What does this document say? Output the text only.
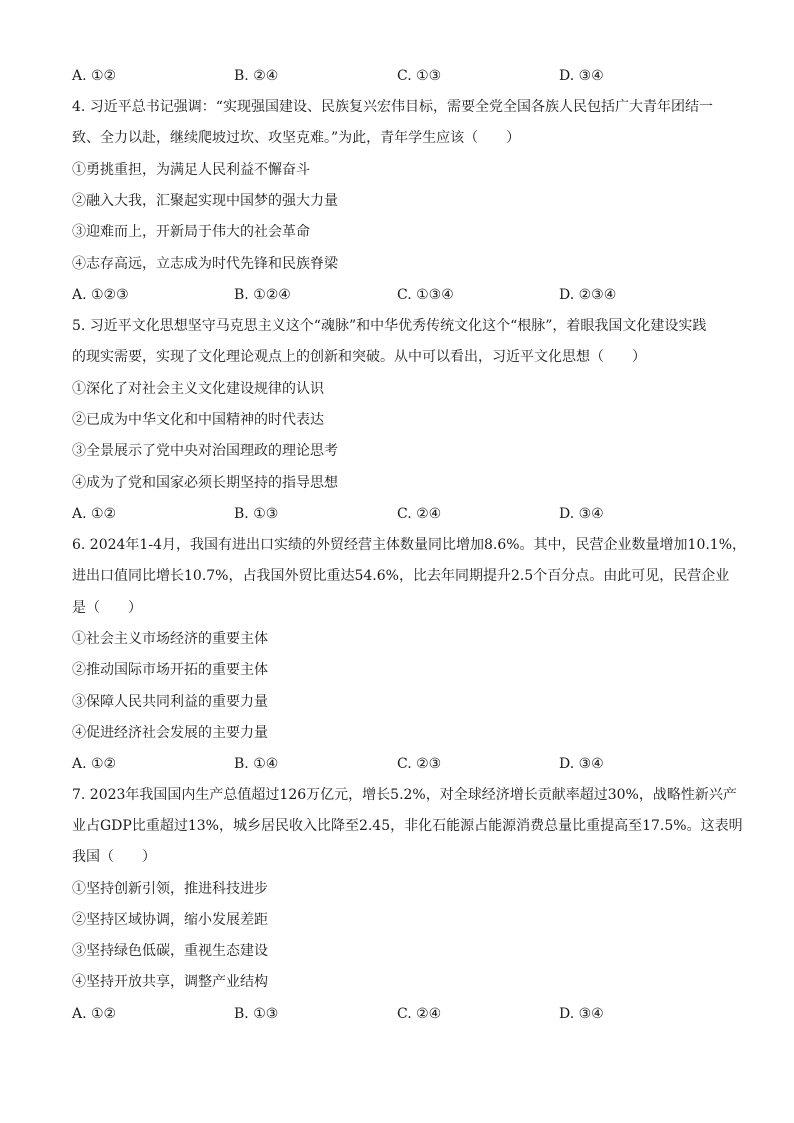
A. ①②	B. ②④	C. ①③	D. ③④
4. 习近平总书记强调：“实现强国建设、民族复兴宏伟目标，需要全党全国各族人民包括广大青年团结一
致、全力以赴，继续爬坡过坎、攻坚克难。”为此，青年学生应该（　　）
①勇挑重担，为满足人民利益不懈奋斗
②融入大我，汇聚起实现中国梦的强大力量
③迎难而上，开新局于伟大的社会革命
④志存高远，立志成为时代先锋和民族脊梁
A. ①②③	B. ①②④	C. ①③④	D. ②③④
5. 习近平文化思想坚守马克思主义这个“魂脉”和中华优秀传统文化这个“根脉”，着眼我国文化建设实践
的现实需要，实现了文化理论观点上的创新和突破。从中可以看出，习近平文化思想（　　）
①深化了对社会主义文化建设规律的认识
②已成为中华文化和中国精神的时代表达
③全景展示了党中央对治国理政的理论思考
④成为了党和国家必须长期坚持的指导思想
A. ①②	B. ①③	C. ②④	D. ③④
6. 2024年1-4月，我国有进出口实绩的外贸经营主体数量同比增加8.6%。其中，民营企业数量增加10.1%，
进出口值同比增长10.7%，占我国外贸比重达54.6%，比去年同期提升2.5个百分点。由此可见，民营企业
是（　　）
①社会主义市场经济的重要主体
②推动国际市场开拓的重要主体
③保障人民共同利益的重要力量
④促进经济社会发展的主要力量
A. ①②	B. ①④	C. ②③	D. ③④
7. 2023年我国国内生产总值超过126万亿元，增长5.2%，对全球经济增长贡献率超过30%，战略性新兴产
业占GDP比重超过13%，城乡居民收入比降至2.45，非化石能源占能源消费总量比重提高至17.5%。这表明
我国（　　）
①坚持创新引领，推进科技进步
②坚持区域协调，缩小发展差距
③坚持绿色低碳，重视生态建设
④坚持开放共享，调整产业结构
A. ①②	B. ①③	C. ②④	D. ③④
